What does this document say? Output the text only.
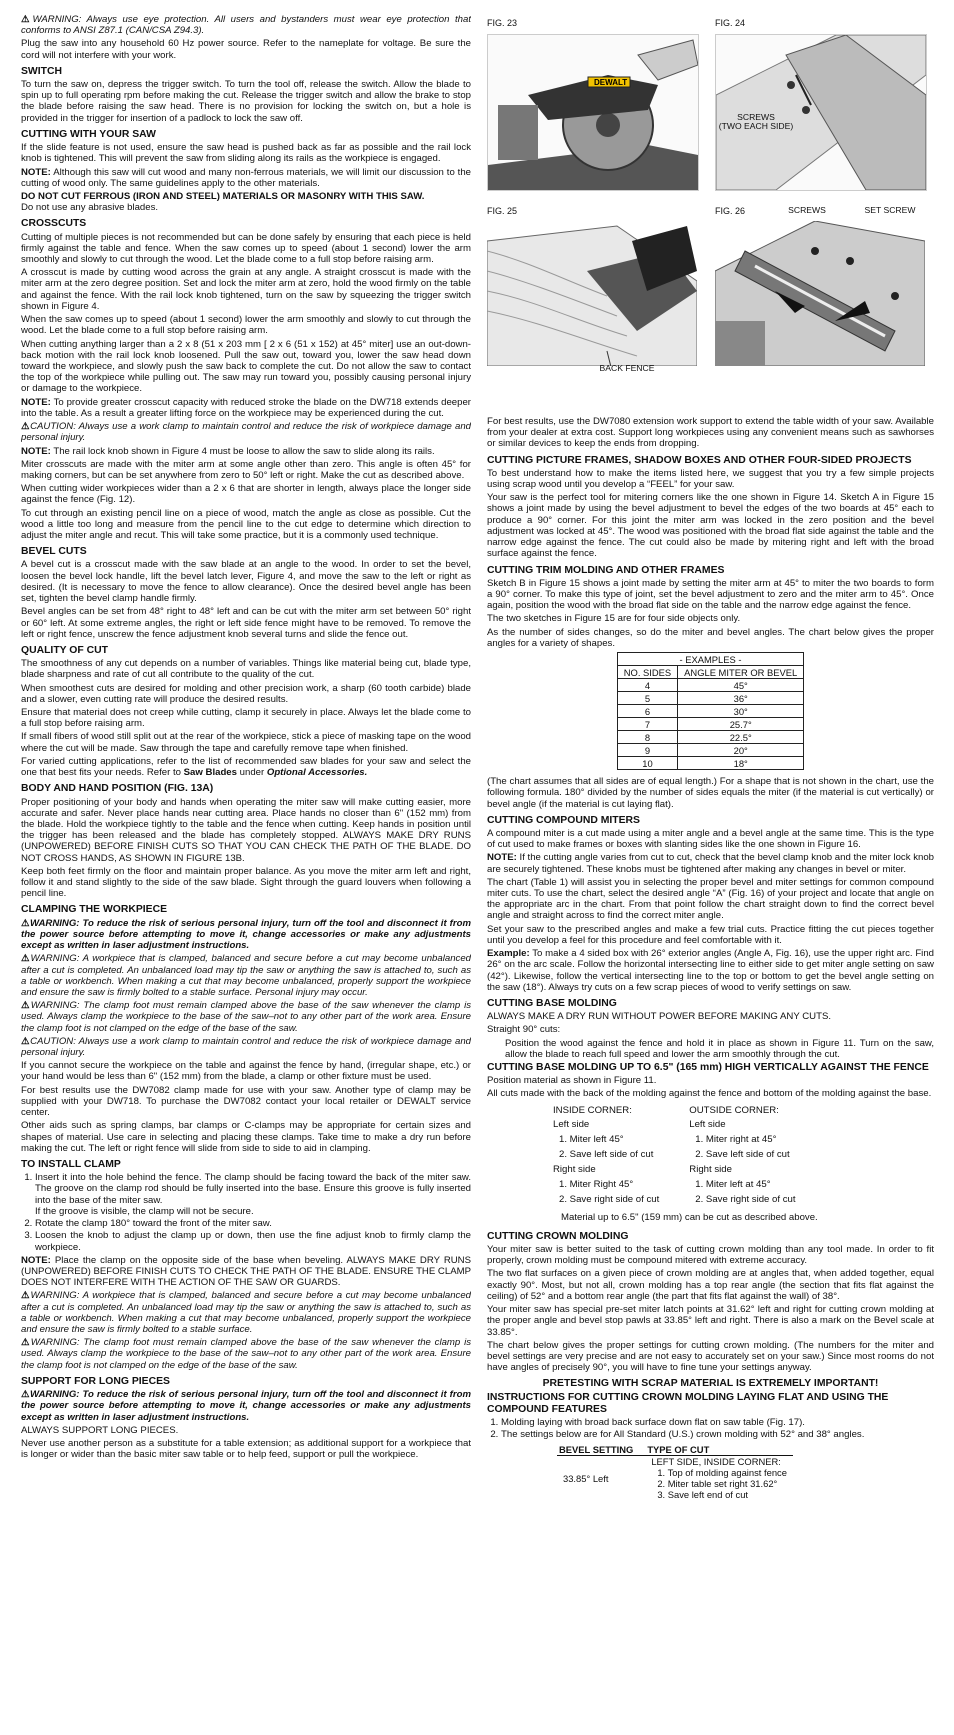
⚠WARNING: Always use eye protection. All users and bystanders must wear eye protection that conforms to ANSI Z87.1 (CAN/CSA Z94.3).

Plug the saw into any household 60 Hz power source. Refer to the nameplate for voltage. Be sure the cord will not interfere with your work.

SWITCH

To turn the saw on, depress the trigger switch. To turn the tool off, release the switch. Allow the blade to spin up to full operating rpm before making the cut. Release the trigger switch and allow the brake to stop the blade before raising the saw head. There is no provision for locking the switch on, but a hole is provided in the trigger for insertion of a padlock to lock the saw off.

CUTTING WITH YOUR SAW

If the slide feature is not used, ensure the saw head is pushed back as far as possible and the rail lock knob is tightened. This will prevent the saw from sliding along its rails as the workpiece is engaged.

NOTE: Although this saw will cut wood and many non-ferrous materials, we will limit our discussion to the cutting of wood only. The same guidelines apply to the other materials.

DO NOT CUT FERROUS (IRON AND STEEL) MATERIALS OR MASONRY WITH THIS SAW.

Do not use any abrasive blades.

CROSSCUTS

Cutting of multiple pieces is not recommended but can be done safely by ensuring that each piece is held firmly against the table and fence. When the saw comes up to speed (about 1 second) lower the arm smoothly and slowly to cut through the wood. Let the blade come to a full stop before raising arm.

A crosscut is made by cutting wood across the grain at any angle. A straight crosscut is made with the miter arm at the zero degree position. Set and lock the miter arm at zero, hold the wood firmly on the table and against the fence. With the rail lock knob tightened, turn on the saw by squeezing the trigger switch shown in Figure 4.

When the saw comes up to speed (about 1 second) lower the arm smoothly and slowly to cut through the wood. Let the blade come to a full stop before raising arm.

When cutting anything larger than a 2 x 8 (51 x 203 mm [ 2 x 6 (51 x 152) at 45° miter] use an out-down-back motion with the rail lock knob loosened. Pull the saw out, toward you, lower the saw head down toward the workpiece, and slowly push the saw back to complete the cut. Do not allow the saw to contact the top of the workpiece while pulling out. The saw may run toward you, possibly causing personal injury or damage to the workpiece.

NOTE: To provide greater crosscut capacity with reduced stroke the blade on the DW718 extends deeper into the table. As a result a greater lifting force on the workpiece may be experienced during the cut.

⚠CAUTION: Always use a work clamp to maintain control and reduce the risk of workpiece damage and personal injury.

NOTE: The rail lock knob shown in Figure 4 must be loose to allow the saw to slide along its rails.

Miter crosscuts are made with the miter arm at some angle other than zero. This angle is often 45° for making corners, but can be set anywhere from zero to 50° left or right. Make the cut as described above.

When cutting wider workpieces wider than a 2 x 6 that are shorter in length, always place the longer side against the fence (Fig. 12).

To cut through an existing pencil line on a piece of wood, match the angle as close as possible. Cut the wood a little too long and measure from the pencil line to the cut edge to determine which direction to adjust the miter angle and recut. This will take some practice, but it is a commonly used technique.

BEVEL CUTS

A bevel cut is a crosscut made with the saw blade at an angle to the wood. In order to set the bevel, loosen the bevel lock handle, lift the bevel latch lever, Figure 4, and move the saw to the left or right as desired. (It is necessary to move the fence to allow clearance). Once the desired bevel angle has been set, tighten the bevel clamp handle firmly.

Bevel angles can be set from 48° right to 48° left and can be cut with the miter arm set between 50° right or 60° left. At some extreme angles, the right or left side fence might have to be removed. To remove the left or right fence, unscrew the fence adjustment knob several turns and slide the fence out.

QUALITY OF CUT

The smoothness of any cut depends on a number of variables. Things like material being cut, blade type, blade sharpness and rate of cut all contribute to the quality of the cut.

When smoothest cuts are desired for molding and other precision work, a sharp (60 tooth carbide) blade and a slower, even cutting rate will produce the desired results.

Ensure that material does not creep while cutting, clamp it securely in place. Always let the blade come to a full stop before raising arm.

If small fibers of wood still split out at the rear of the workpiece, stick a piece of masking tape on the wood where the cut will be made. Saw through the tape and carefully remove tape when finished.

For varied cutting applications, refer to the list of recommended saw blades for your saw and select the one that best fits your needs. Refer to Saw Blades under Optional Accessories.

BODY AND HAND POSITION (FIG. 13A)

Proper positioning of your body and hands when operating the miter saw will make cutting easier, more accurate and safer. Never place hands near cutting area. Place hands no closer than 6" (152 mm) from the blade. Hold the workpiece tightly to the table and the fence when cutting. Keep hands in position until the trigger has been released and the blade has completely stopped. ALWAYS MAKE DRY RUNS (UNPOWERED) BEFORE FINISH CUTS SO THAT YOU CAN CHECK THE PATH OF THE BLADE. DO NOT CROSS HANDS, AS SHOWN IN FIGURE 13B.

Keep both feet firmly on the floor and maintain proper balance. As you move the miter arm left and right, follow it and stand slightly to the side of the saw blade. Sight through the guard louvers when following a pencil line.

CLAMPING THE WORKPIECE

⚠WARNING: To reduce the risk of serious personal injury, turn off the tool and disconnect it from the power source before attempting to move it, change accessories or make any adjustments except as written in laser adjustment instructions.

⚠WARNING: A workpiece that is clamped, balanced and secure before a cut may become unbalanced after a cut is completed. An unbalanced load may tip the saw or anything the saw is attached to, such as a table or workbench. When making a cut that may become unbalanced, properly support the workpiece and ensure the saw is firmly bolted to a stable surface. Personal injury may occur.

⚠WARNING: The clamp foot must remain clamped above the base of the saw whenever the clamp is used. Always clamp the workpiece to the base of the saw–not to any other part of the work area. Ensure the clamp foot is not clamped on the edge of the base of the saw.

⚠CAUTION: Always use a work clamp to maintain control and reduce the risk of workpiece damage and personal injury.

If you cannot secure the workpiece on the table and against the fence by hand, (irregular shape, etc.) or your hand would be less than 6" (152 mm) from the blade, a clamp or other fixture must be used.

For best results use the DW7082 clamp made for use with your saw. Another type of clamp may be supplied with your DW718. To purchase the DW7082 contact your local retailer or DEWALT service center.

Other aids such as spring clamps, bar clamps or C-clamps may be appropriate for certain sizes and shapes of material. Use care in selecting and placing these clamps. Take time to make a dry run before making the cut. The left or right fence will slide from side to side to aid in clamping.

TO INSTALL CLAMP
1. Insert it into the hole behind the fence. The clamp should be facing toward the back of the miter saw. The groove on the clamp rod should be fully inserted into the base. Ensure this groove is fully inserted into the base of the miter saw.
If the groove is visible, the clamp will not be secure.
2. Rotate the clamp 180° toward the front of the miter saw.
3. Loosen the knob to adjust the clamp up or down, then use the fine adjust knob to firmly clamp the workpiece.

NOTE: Place the clamp on the opposite side of the base when beveling. ALWAYS MAKE DRY RUNS (UNPOWERED) BEFORE FINISH CUTS TO CHECK THE PATH OF THE BLADE. ENSURE THE CLAMP DOES NOT INTERFERE WITH THE ACTION OF THE SAW OR GUARDS.

⚠WARNING: A workpiece that is clamped, balanced and secure before a cut may become unbalanced after a cut is completed. An unbalanced load may tip the saw or anything the saw is attached to, such as a table or workbench. When making a cut that may become unbalanced, properly support the workpiece and ensure the saw is firmly bolted to a stable surface.

⚠WARNING: The clamp foot must remain clamped above the base of the saw whenever the clamp is used. Always clamp the workpiece to the base of the saw–not to any other part of the work area. Ensure the clamp foot is not clamped on the edge of the base of the saw.

SUPPORT FOR LONG PIECES

⚠WARNING: To reduce the risk of serious personal injury, turn off the tool and disconnect it from the power source before attempting to move it, change accessories or make any adjustments except as written in laser adjustment instructions.

ALWAYS SUPPORT LONG PIECES.

Never use another person as a substitute for a table extension; as additional support for a workpiece that is longer or wider than the basic miter saw table or to help feed, support or pull the workpiece.

FIG. 23
DEWALT
FIG. 24
SCREWS
(TWO EACH SIDE)
FIG. 25
BACK FENCE
FIG. 26	SCREWS	SET SCREW

For best results, use the DW7080 extension work support to extend the table width of your saw. Available from your dealer at extra cost. Support long workpieces using any convenient means such as sawhorses or similar devices to keep the ends from dropping.

CUTTING PICTURE FRAMES, SHADOW BOXES AND OTHER FOUR-SIDED PROJECTS

To best understand how to make the items listed here, we suggest that you try a few simple projects using scrap wood until you develop a “FEEL” for your saw.

Your saw is the perfect tool for mitering corners like the one shown in Figure 14. Sketch A in Figure 15 shows a joint made by using the bevel adjustment to bevel the edges of the two boards at 45° each to produce a 90° corner. For this joint the miter arm was locked in the zero position and the bevel adjustment was locked at 45°. The wood was positioned with the broad flat side against the table and the narrow edge against the fence. The cut could also be made by mitering right and left with the broad surface against the fence.

CUTTING TRIM MOLDING AND OTHER FRAMES

Sketch B in Figure 15 shows a joint made by setting the miter arm at 45° to miter the two boards to form a 90° corner. To make this type of joint, set the bevel adjustment to zero and the miter arm to 45°. Once again, position the wood with the broad flat side on the table and the narrow edge against the fence.

The two sketches in Figure 15 are for four side objects only.

As the number of sides changes, so do the miter and bevel angles. The chart below gives the proper angles for a variety of shapes.

- EXAMPLES -	
NO. SIDES	ANGLE MITER OR BEVEL
4	45°
5	36°
6	30°
7	25.7°
8	22.5°
9	20°
10	18°

(The chart assumes that all sides are of equal length.) For a shape that is not shown in the chart, use the following formula. 180° divided by the number of sides equals the miter (if the material is cut vertically) or bevel angle (if the material is cut laying flat).

CUTTING COMPOUND MITERS

A compound miter is a cut made using a miter angle and a bevel angle at the same time. This is the type of cut used to make frames or boxes with slanting sides like the one shown in Figure 16.

NOTE: If the cutting angle varies from cut to cut, check that the bevel clamp knob and the miter lock knob are securely tightened. These knobs must be tightened after making any changes in bevel or miter.

The chart (Table 1) will assist you in selecting the proper bevel and miter settings for common compound miter cuts. To use the chart, select the desired angle “A” (Fig. 16) of your project and locate that angle on the appropriate arc in the chart. From that point follow the chart straight down to find the correct bevel angle and straight across to find the correct miter angle.

Set your saw to the prescribed angles and make a few trial cuts. Practice fitting the cut pieces together until you develop a feel for this procedure and feel comfortable with it.

Example: To make a 4 sided box with 26° exterior angles (Angle A, Fig. 16), use the upper right arc. Find 26° on the arc scale. Follow the horizontal intersecting line to either side to get miter angle setting on saw (42°). Likewise, follow the vertical intersecting line to the top or bottom to get the bevel angle setting on the saw (18°). Always try cuts on a few scrap pieces of wood to verify settings on saw.

CUTTING BASE MOLDING

ALWAYS MAKE A DRY RUN WITHOUT POWER BEFORE MAKING ANY CUTS.

Straight 90° cuts:

Position the wood against the fence and hold it in place as shown in Figure 11. Turn on the saw, allow the blade to reach full speed and lower the arm smoothly through the cut.

CUTTING BASE MOLDING UP TO 6.5" (165 mm) HIGH VERTICALLY AGAINST THE FENCE

Position material as shown in Figure 11.

All cuts made with the back of the molding against the fence and bottom of the molding against the base.

INSIDE CORNER:
Left side
1. Miter left 45°
2. Save left side of cut
Right side
1. Miter Right 45°
2. Save right side of cut
OUTSIDE CORNER:
Left side
1. Miter right at 45°
2. Save left side of cut
Right side
1. Miter left at 45°
2. Save right side of cut

Material up to 6.5" (159 mm) can be cut as described above.

CUTTING CROWN MOLDING

Your miter saw is better suited to the task of cutting crown molding than any tool made. In order to fit properly, crown molding must be compound mitered with extreme accuracy.

The two flat surfaces on a given piece of crown molding are at angles that, when added together, equal exactly 90°. Most, but not all, crown molding has a top rear angle (the section that fits flat against the ceiling) of 52° and a bottom rear angle (the part that fits flat against the wall) of 38°.

Your miter saw has special pre-set miter latch points at 31.62° left and right for cutting crown molding at the proper angle and bevel stop pawls at 33.85° left and right. There is also a mark on the Bevel scale at 33.85°.

The chart below gives the proper settings for cutting crown molding. (The numbers for the miter and bevel settings are very precise and are not easy to accurately set on your saw.) Since most rooms do not have angles of precisely 90°, you will have to fine tune your settings anyway.

PRETESTING WITH SCRAP MATERIAL IS EXTREMELY IMPORTANT!
INSTRUCTIONS FOR CUTTING CROWN MOLDING LAYING FLAT AND USING THE COMPOUND FEATURES
1. Molding laying with broad back surface down flat on saw table (Fig. 17).
2. The settings below are for All Standard (U.S.) crown molding with 52° and 38° angles.
BEVEL SETTING	TYPE OF CUT
33.85° Left	LEFT SIDE, INSIDE CORNER:
1. Top of molding against fence
2. Miter table set right 31.62°
3. Save left end of cut
